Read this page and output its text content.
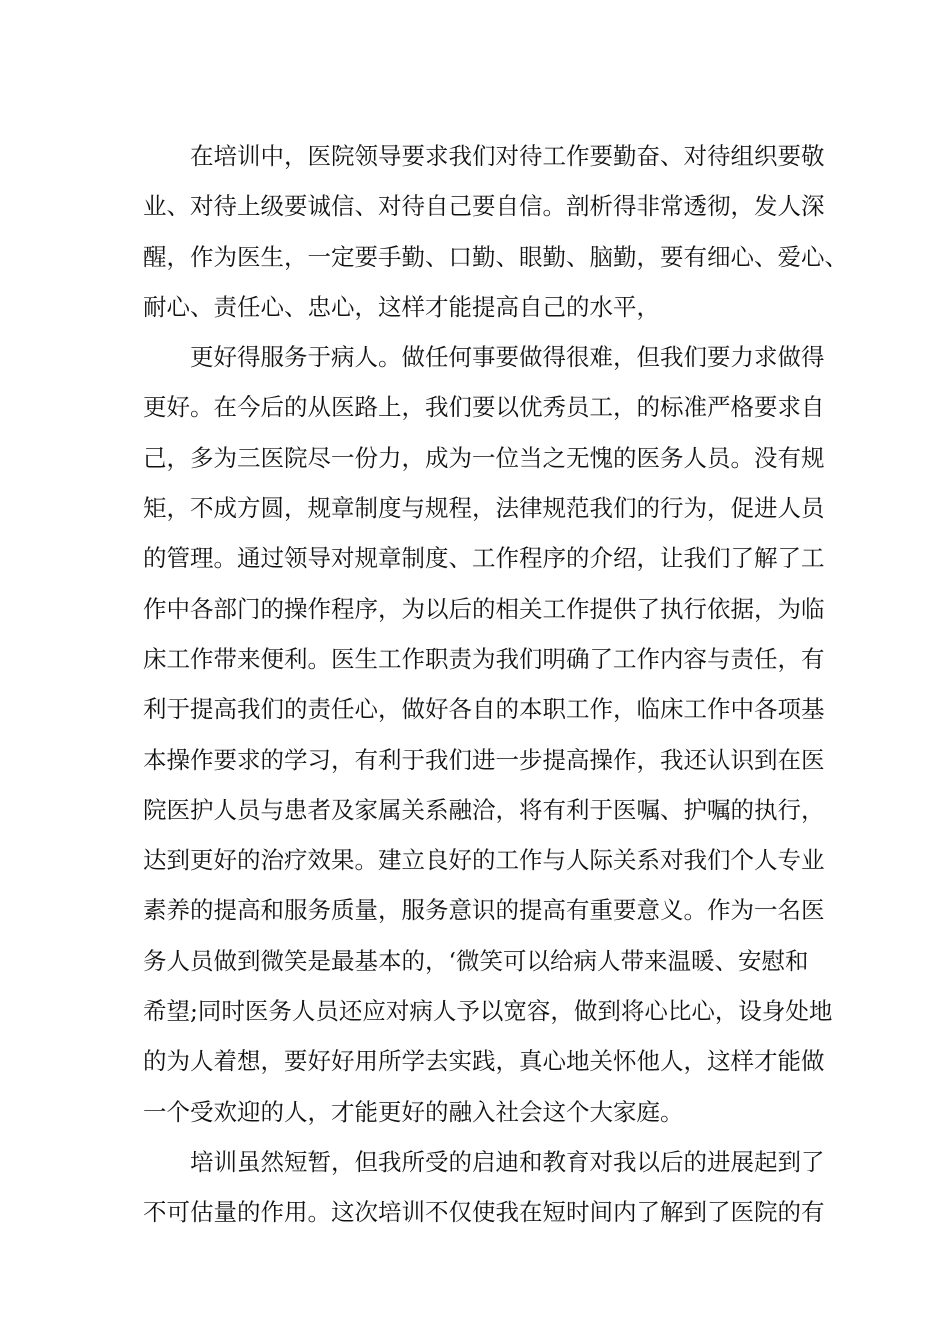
　　在培训中，医院领导要求我们对待工作要勤奋、对待组织要敬
业、对待上级要诚信、对待自己要自信。剖析得非常透彻，发人深
醒，作为医生，一定要手勤、口勤、眼勤、脑勤，要有细心、爱心、
耐心、责任心、忠心，这样才能提高自己的水平，

　　更好得服务于病人。做任何事要做得很难，但我们要力求做得
更好。在今后的从医路上，我们要以优秀员工，的标准严格要求自
己，多为三医院尽一份力，成为一位当之无愧的医务人员。没有规
矩，不成方圆，规章制度与规程，法律规范我们的行为，促进人员
的管理。通过领导对规章制度、工作程序的介绍，让我们了解了工
作中各部门的操作程序，为以后的相关工作提供了执行依据，为临
床工作带来便利。医生工作职责为我们明确了工作内容与责任，有
利于提高我们的责任心，做好各自的本职工作，临床工作中各项基
本操作要求的学习，有利于我们进一步提高操作，我还认识到在医
院医护人员与患者及家属关系融洽，将有利于医嘱、护嘱的执行，
达到更好的治疗效果。建立良好的工作与人际关系对我们个人专业
素养的提高和服务质量，服务意识的提高有重要意义。作为一名医
务人员做到微笑是最基本的，‘微笑可以给病人带来温暖、安慰和
希望;同时医务人员还应对病人予以宽容，做到将心比心，设身处地
的为人着想，要好好用所学去实践，真心地关怀他人，这样才能做
一个受欢迎的人，才能更好的融入社会这个大家庭。

　　培训虽然短暂，但我所受的启迪和教育对我以后的进展起到了
不可估量的作用。这次培训不仅使我在短时间内了解到了医院的有
